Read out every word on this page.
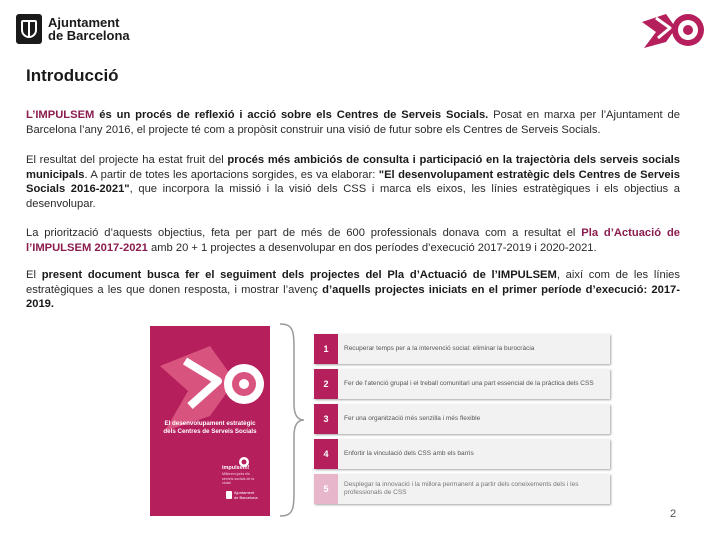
Ajuntament
de Barcelona
Introducció

L’IMPULSEM és un procés de reflexió i acció sobre els Centres de Serveis Socials. Posat en marxa per l’Ajuntament de Barcelona l’any 2016, el projecte té com a propòsit construir una visió de futur sobre els Centres de Serveis Socials.

El resultat del projecte ha estat fruit del procés més ambiciós de consulta i participació en la trajectòria dels serveis socials municipals. A partir de totes les aportacions sorgides, es va elaborar: "El desenvolupament estratègic dels Centres de Serveis Socials 2016-2021", que incorpora la missió i la visió dels CSS i marca els eixos, les línies estratègiques i els objectius a desenvolupar.

La priorització d’aquests objectius, feta per part de més de 600 professionals donava com a resultat el Pla d’Actuació de l’IMPULSEM 2017-2021 amb 20 + 1 projectes a desenvolupar en dos períodes d’execució 2017-2019 i 2020-2021.

El present document busca fer el seguiment dels projectes del Pla d’Actuació de l’IMPULSEM, així com de les línies estratègiques a les que donen resposta, i mostrar l’avenç d’aquells projectes iniciats en el primer període d’execució: 2017-2019.

El desenvolupament estratègic dels Centres de Serveis Socials
impulsem!
Millorem junts els serveis socials de la ciutat
Ajuntament
de Barcelona
1	Recuperar temps per a la intervenció social: eliminar la burocràcia
2	Fer de l’atenció grupal i el treball comunitari una part essencial de la pràctica dels CSS
3	Fer una organització més senzilla i més flexible
4	Enfortir la vinculació dels CSS amb els barris
5	Desplegar la innovació i la millora permanent a partir dels coneixements dels i les professionals de CSS
2
